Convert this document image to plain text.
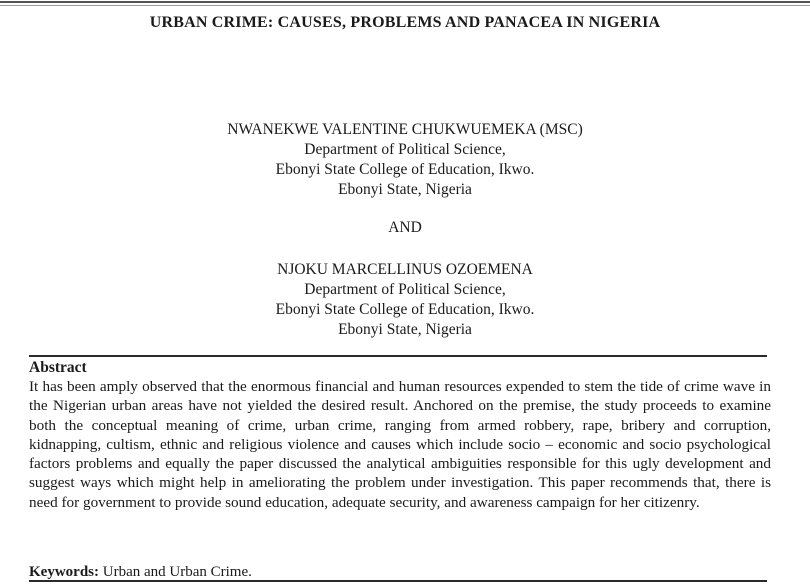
URBAN CRIME: CAUSES, PROBLEMS AND PANACEA IN NIGERIA
NWANEKWE VALENTINE CHUKWUEMEKA (MSC)
Department of Political Science,
Ebonyi State College of Education, Ikwo.
Ebonyi State, Nigeria
AND
NJOKU MARCELLINUS OZOEMENA
Department of Political Science,
Ebonyi State College of Education, Ikwo.
Ebonyi State, Nigeria
Abstract

It has been amply observed that the enormous financial and human resources expended to stem the tide of crime wave in the Nigerian urban areas have not yielded the desired result. Anchored on the premise, the study proceeds to examine both the conceptual meaning of crime, urban crime, ranging from armed robbery, rape, bribery and corruption, kidnapping, cultism, ethnic and religious violence and causes which include socio – economic and socio psychological factors problems and equally the paper discussed the analytical ambiguities responsible for this ugly development and suggest ways which might help in ameliorating the problem under investigation. This paper recommends that, there is need for government to provide sound education, adequate security, and awareness campaign for her citizenry.

Keywords: Urban and Urban Crime.
